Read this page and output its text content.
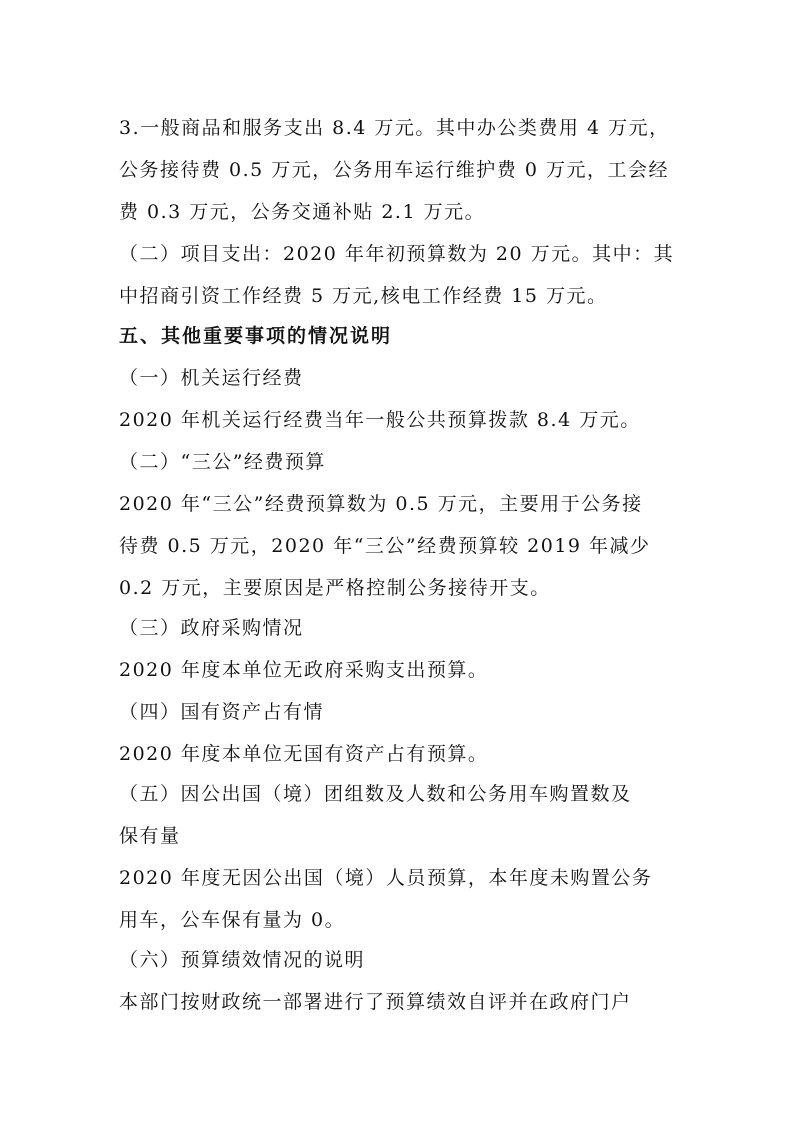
3.一般商品和服务支出 8.4 万元。其中办公类费用 4 万元，
公务接待费 0.5 万元，公务用车运行维护费 0 万元，工会经
费 0.3 万元，公务交通补贴 2.1 万元。
（二）项目支出：2020 年年初预算数为 20 万元。其中：其
中招商引资工作经费 5 万元,核电工作经费 15 万元。
五、其他重要事项的情况说明
（一）机关运行经费
2020 年机关运行经费当年一般公共预算拨款 8.4 万元。
（二）“三公”经费预算
2020 年“三公”经费预算数为 0.5 万元，主要用于公务接
待费 0.5 万元，2020 年“三公”经费预算较 2019 年减少
0.2 万元，主要原因是严格控制公务接待开支。
（三）政府采购情况
2020 年度本单位无政府采购支出预算。
（四）国有资产占有情
2020 年度本单位无国有资产占有预算。
（五）因公出国（境）团组数及人数和公务用车购置数及
保有量
2020 年度无因公出国（境）人员预算，本年度未购置公务
用车，公车保有量为 0。
（六）预算绩效情况的说明
本部门按财政统一部署进行了预算绩效自评并在政府门户
